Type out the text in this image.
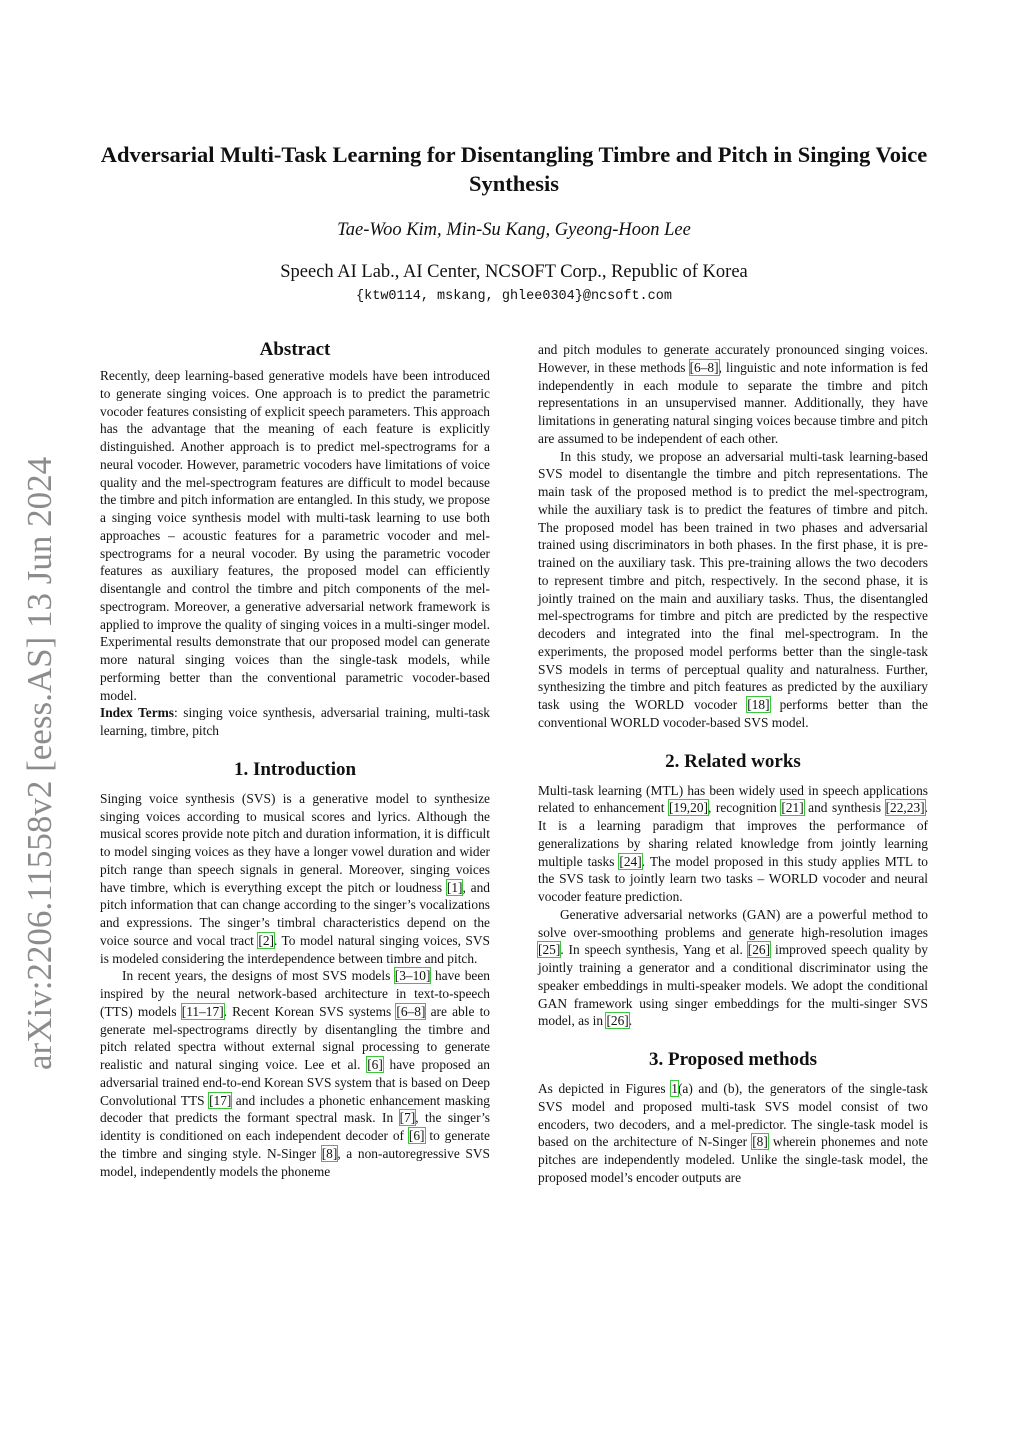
arXiv:2206.11558v2 [eess.AS] 13 Jun 2024
Adversarial Multi-Task Learning for Disentangling Timbre and Pitch in Singing Voice Synthesis
Tae-Woo Kim, Min-Su Kang, Gyeong-Hoon Lee
Speech AI Lab., AI Center, NCSOFT Corp., Republic of Korea
{ktw0114, mskang, ghlee0304}@ncsoft.com
Abstract

Recently, deep learning-based generative models have been introduced to generate singing voices. One approach is to predict the parametric vocoder features consisting of explicit speech parameters. This approach has the advantage that the meaning of each feature is explicitly distinguished. Another approach is to predict mel-spectrograms for a neural vocoder. However, parametric vocoders have limitations of voice quality and the mel-spectrogram features are difficult to model because the timbre and pitch information are entangled. In this study, we propose a singing voice synthesis model with multi-task learning to use both approaches – acoustic features for a parametric vocoder and mel-spectrograms for a neural vocoder. By using the parametric vocoder features as auxiliary features, the proposed model can efficiently disentangle and control the timbre and pitch components of the mel-spectrogram. Moreover, a generative adversarial network framework is applied to improve the quality of singing voices in a multi-singer model. Experimental results demonstrate that our proposed model can generate more natural singing voices than the single-task models, while performing better than the conventional parametric vocoder-based model.

Index Terms: singing voice synthesis, adversarial training, multi-task learning, timbre, pitch

1. Introduction

Singing voice synthesis (SVS) is a generative model to synthesize singing voices according to musical scores and lyrics. Although the musical scores provide note pitch and duration information, it is difficult to model singing voices as they have a longer vowel duration and wider pitch range than speech signals in general. Moreover, singing voices have timbre, which is everything except the pitch or loudness [1], and pitch information that can change according to the singer’s vocalizations and expressions. The singer’s timbral characteristics depend on the voice source and vocal tract [2]. To model natural singing voices, SVS is modeled considering the interdependence between timbre and pitch.

In recent years, the designs of most SVS models [3–10] have been inspired by the neural network-based architecture in text-to-speech (TTS) models [11–17]. Recent Korean SVS systems [6–8] are able to generate mel-spectrograms directly by disentangling the timbre and pitch related spectra without external signal processing to generate realistic and natural singing voice. Lee et al. [6] have proposed an adversarial trained end-to-end Korean SVS system that is based on Deep Convolutional TTS [17] and includes a phonetic enhancement masking decoder that predicts the formant spectral mask. In [7], the singer’s identity is conditioned on each independent decoder of [6] to generate the timbre and singing style. N-Singer [8], a non-autoregressive SVS model, independently models the phoneme

and pitch modules to generate accurately pronounced singing voices. However, in these methods [6–8], linguistic and note information is fed independently in each module to separate the timbre and pitch representations in an unsupervised manner. Additionally, they have limitations in generating natural singing voices because timbre and pitch are assumed to be independent of each other.

In this study, we propose an adversarial multi-task learning-based SVS model to disentangle the timbre and pitch representations. The main task of the proposed method is to predict the mel-spectrogram, while the auxiliary task is to predict the features of timbre and pitch. The proposed model has been trained in two phases and adversarial trained using discriminators in both phases. In the first phase, it is pre-trained on the auxiliary task. This pre-training allows the two decoders to represent timbre and pitch, respectively. In the second phase, it is jointly trained on the main and auxiliary tasks. Thus, the disentangled mel-spectrograms for timbre and pitch are predicted by the respective decoders and integrated into the final mel-spectrogram. In the experiments, the proposed model performs better than the single-task SVS models in terms of perceptual quality and naturalness. Further, synthesizing the timbre and pitch features as predicted by the auxiliary task using the WORLD vocoder [18] performs better than the conventional WORLD vocoder-based SVS model.

2. Related works

Multi-task learning (MTL) has been widely used in speech applications related to enhancement [19,20], recognition [21] and synthesis [22,23]. It is a learning paradigm that improves the performance of generalizations by sharing related knowledge from jointly learning multiple tasks [24]. The model proposed in this study applies MTL to the SVS task to jointly learn two tasks – WORLD vocoder and neural vocoder feature prediction.

Generative adversarial networks (GAN) are a powerful method to solve over-smoothing problems and generate high-resolution images [25]. In speech synthesis, Yang et al. [26] improved speech quality by jointly training a generator and a conditional discriminator using the speaker embeddings in multi-speaker models. We adopt the conditional GAN framework using singer embeddings for the multi-singer SVS model, as in [26].

3. Proposed methods

As depicted in Figures 1(a) and (b), the generators of the single-task SVS model and proposed multi-task SVS model consist of two encoders, two decoders, and a mel-predictor. The single-task model is based on the architecture of N-Singer [8] wherein phonemes and note pitches are independently modeled. Unlike the single-task model, the proposed model’s encoder outputs are
